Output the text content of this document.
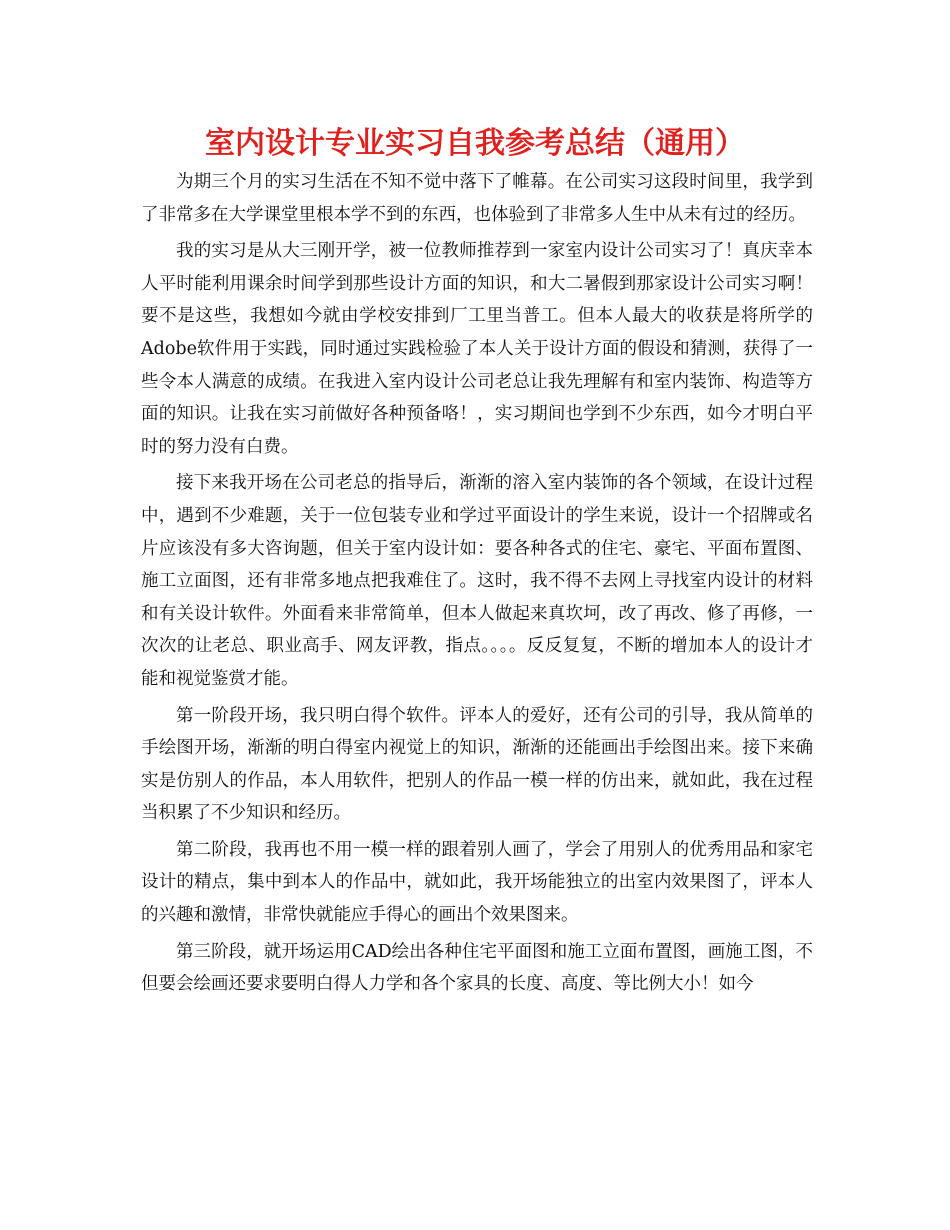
室内设计专业实习自我参考总结（通用）

为期三个月的实习生活在不知不觉中落下了帷幕。在公司实习这段时间里，我学到了非常多在大学课堂里根本学不到的东西，也体验到了非常多人生中从未有过的经历。

我的实习是从大三刚开学，被一位教师推荐到一家室内设计公司实习了！真庆幸本人平时能利用课余时间学到那些设计方面的知识，和大二暑假到那家设计公司实习啊！要不是这些，我想如今就由学校安排到厂工里当普工。但本人最大的收获是将所学的Adobe软件用于实践，同时通过实践检验了本人关于设计方面的假设和猜测，获得了一些令本人满意的成绩。在我进入室内设计公司老总让我先理解有和室内装饰、构造等方面的知识。让我在实习前做好各种预备咯！，实习期间也学到不少东西，如今才明白平时的努力没有白费。

接下来我开场在公司老总的指导后，渐渐的溶入室内装饰的各个领域，在设计过程中，遇到不少难题，关于一位包装专业和学过平面设计的学生来说，设计一个招牌或名片应该没有多大咨询题，但关于室内设计如：要各种各式的住宅、豪宅、平面布置图、施工立面图，还有非常多地点把我难住了。这时，我不得不去网上寻找室内设计的材料和有关设计软件。外面看来非常简单，但本人做起来真坎坷，改了再改、修了再修，一次次的让老总、职业高手、网友评教，指点。。。。反反复复，不断的增加本人的设计才能和视觉鉴赏才能。

第一阶段开场，我只明白得个软件。评本人的爱好，还有公司的引导，我从简单的手绘图开场，渐渐的明白得室内视觉上的知识，渐渐的还能画出手绘图出来。接下来确实是仿别人的作品，本人用软件，把别人的作品一模一样的仿出来，就如此，我在过程当积累了不少知识和经历。

第二阶段，我再也不用一模一样的跟着别人画了，学会了用别人的优秀用品和家宅设计的精点，集中到本人的作品中，就如此，我开场能独立的出室内效果图了，评本人的兴趣和激情，非常快就能应手得心的画出个效果图来。

第三阶段，就开场运用CAD绘出各种住宅平面图和施工立面布置图，画施工图，不但要会绘画还要求要明白得人力学和各个家具的长度、高度、等比例大小！如今
